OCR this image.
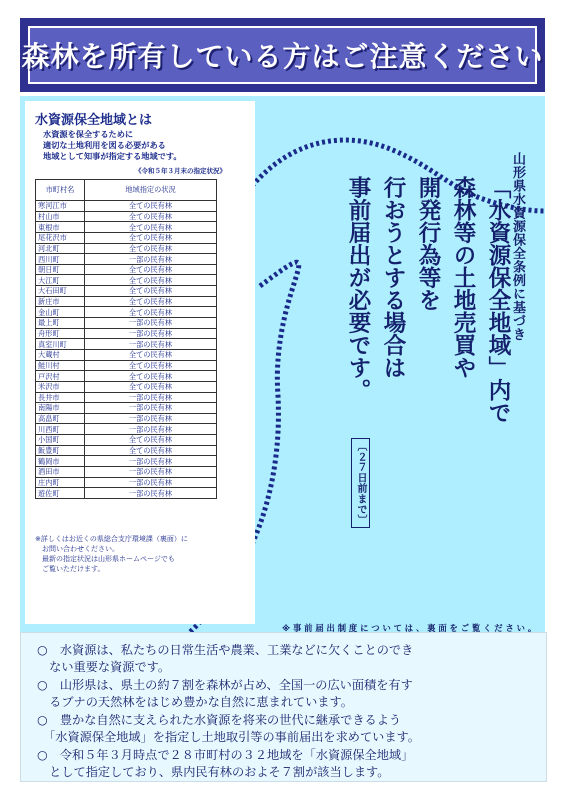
森林を所有している方はご注意ください
水資源保全地域とは
水資源を保全するために
適切な土地利用を図る必要がある
地域として知事が指定する地域です。
《令和５年３月末の指定状況》
市町村名	地域指定の状況
寒河江市	全ての民有林
村山市	全ての民有林
東根市	全ての民有林
尾花沢市	全ての民有林
河北町	全ての民有林
西川町	一部の民有林
朝日町	全ての民有林
大江町	全ての民有林
大石田町	全ての民有林
新庄市	全ての民有林
金山町	全ての民有林
最上町	一部の民有林
舟形町	一部の民有林
真室川町	一部の民有林
大蔵村	全ての民有林
鮭川村	全ての民有林
戸沢村	全ての民有林
米沢市	全ての民有林
長井市	一部の民有林
南陽市	一部の民有林
高畠町	一部の民有林
川西町	一部の民有林
小国町	全ての民有林
飯豊町	全ての民有林
鶴岡市	一部の民有林
酒田市	一部の民有林
庄内町	一部の民有林
遊佐町	一部の民有林
※詳しくはお近くの県総合支庁環境課（裏面）に
　お問い合わせください。
　最新の指定状況は山形県ホームページでも
　ご覧いただけます。
山形県水資源保全条例に基づき
「水資源保全地域」内で
森林等の土地売買や
開発行為等を
行おうとする場合は
事前届出が必要です。
〔２７日前まで〕
※ 事 前 届 出 制 度 に つ い て は 、 裏 面 を ご 覧 く だ さ い 。
○　水資源は、私たちの日常生活や農業、工業などに欠くことのでき
　ない重要な資源です。
○　山形県は、県土の約７割を森林が占め、全国一の広い面積を有す
　るブナの天然林をはじめ豊かな自然に恵まれています。
○　豊かな自然に支えられた水資源を将来の世代に継承できるよう
　「水資源保全地域」を指定し土地取引等の事前届出を求めています。
○　令和５年３月時点で２８市町村の３２地域を「水資源保全地域」
　として指定しており、県内民有林のおよそ７割が該当します。
